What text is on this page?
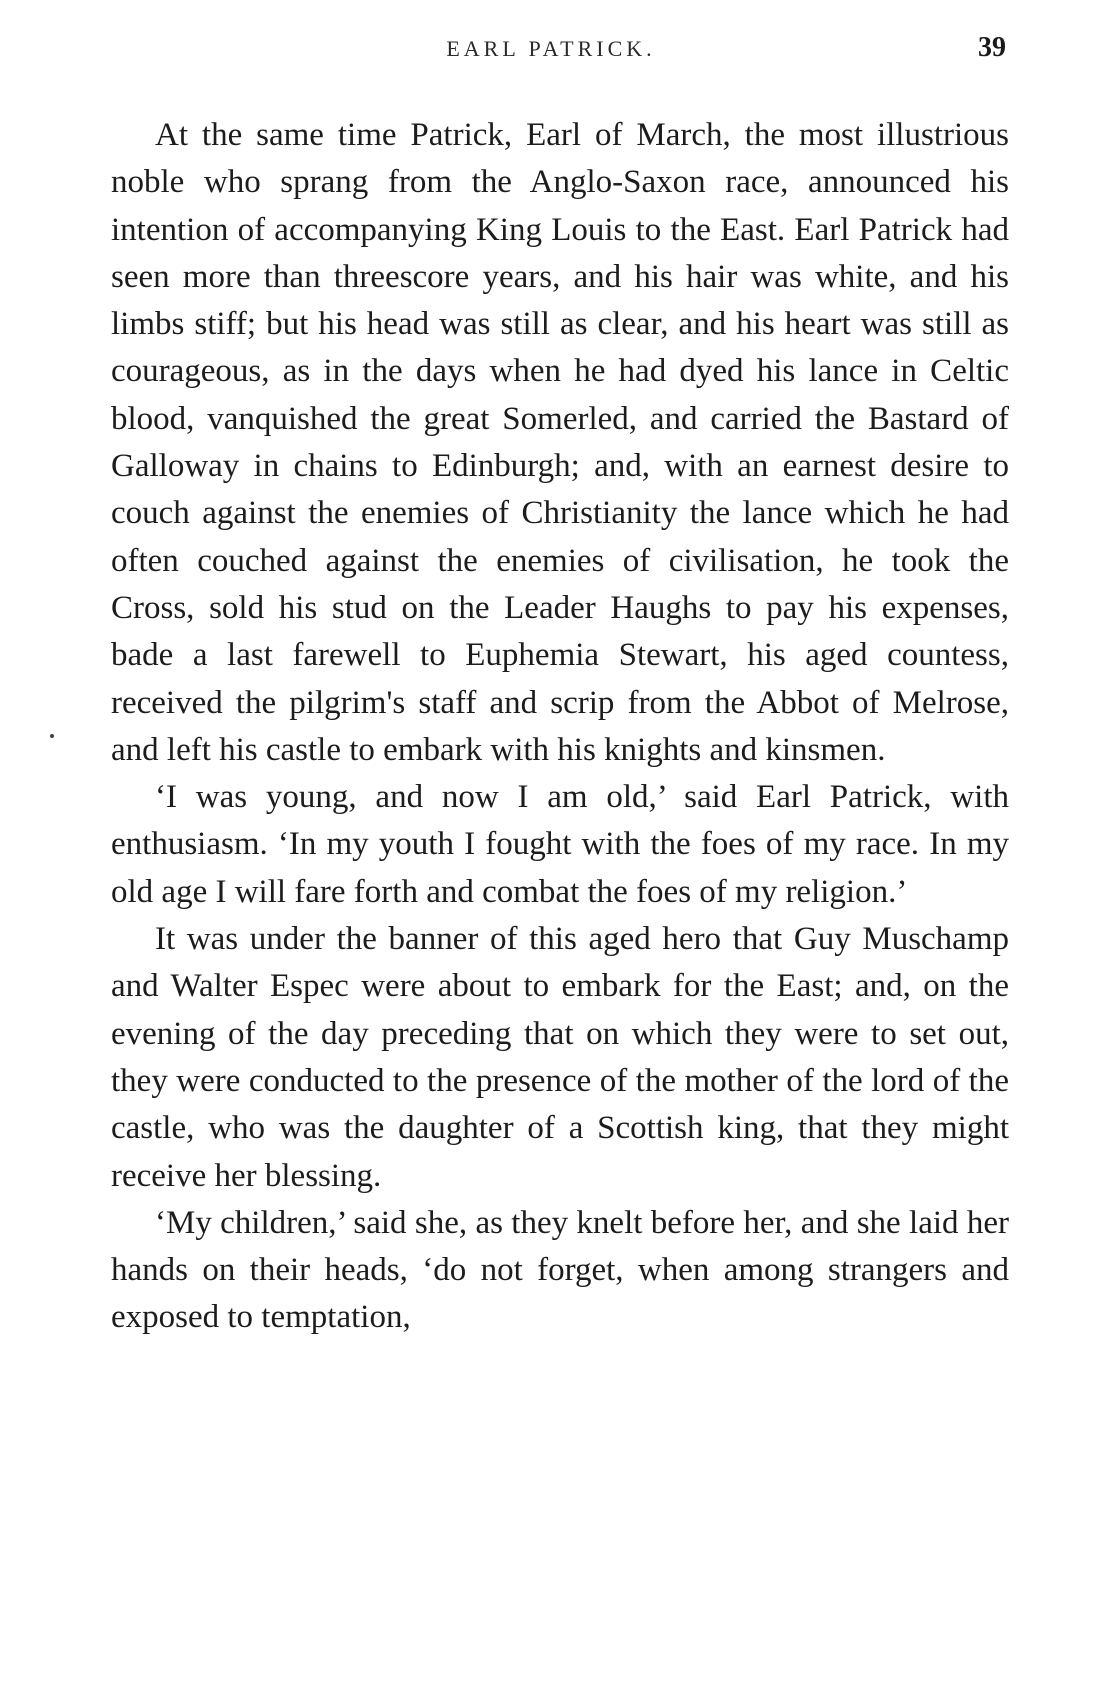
EARL PATRICK.	39

At the same time Patrick, Earl of March, the most illustrious noble who sprang from the Anglo-Saxon race, announced his intention of accompanying King Louis to the East. Earl Patrick had seen more than threescore years, and his hair was white, and his limbs stiff; but his head was still as clear, and his heart was still as courageous, as in the days when he had dyed his lance in Celtic blood, vanquished the great Somerled, and carried the Bastard of Galloway in chains to Edinburgh; and, with an earnest desire to couch against the enemies of Christianity the lance which he had often couched against the enemies of civilisation, he took the Cross, sold his stud on the Leader Haughs to pay his expenses, bade a last farewell to Euphemia Stewart, his aged countess, received the pilgrim's staff and scrip from the Abbot of Melrose, and left his castle to embark with his knights and kinsmen.

‘I was young, and now I am old,’ said Earl Patrick, with enthusiasm. ‘In my youth I fought with the foes of my race. In my old age I will fare forth and combat the foes of my religion.’

It was under the banner of this aged hero that Guy Muschamp and Walter Espec were about to embark for the East; and, on the evening of the day preceding that on which they were to set out, they were conducted to the presence of the mother of the lord of the castle, who was the daughter of a Scottish king, that they might receive her blessing.

‘My children,’ said she, as they knelt before her, and she laid her hands on their heads, ‘do not forget, when among strangers and exposed to temptation,
